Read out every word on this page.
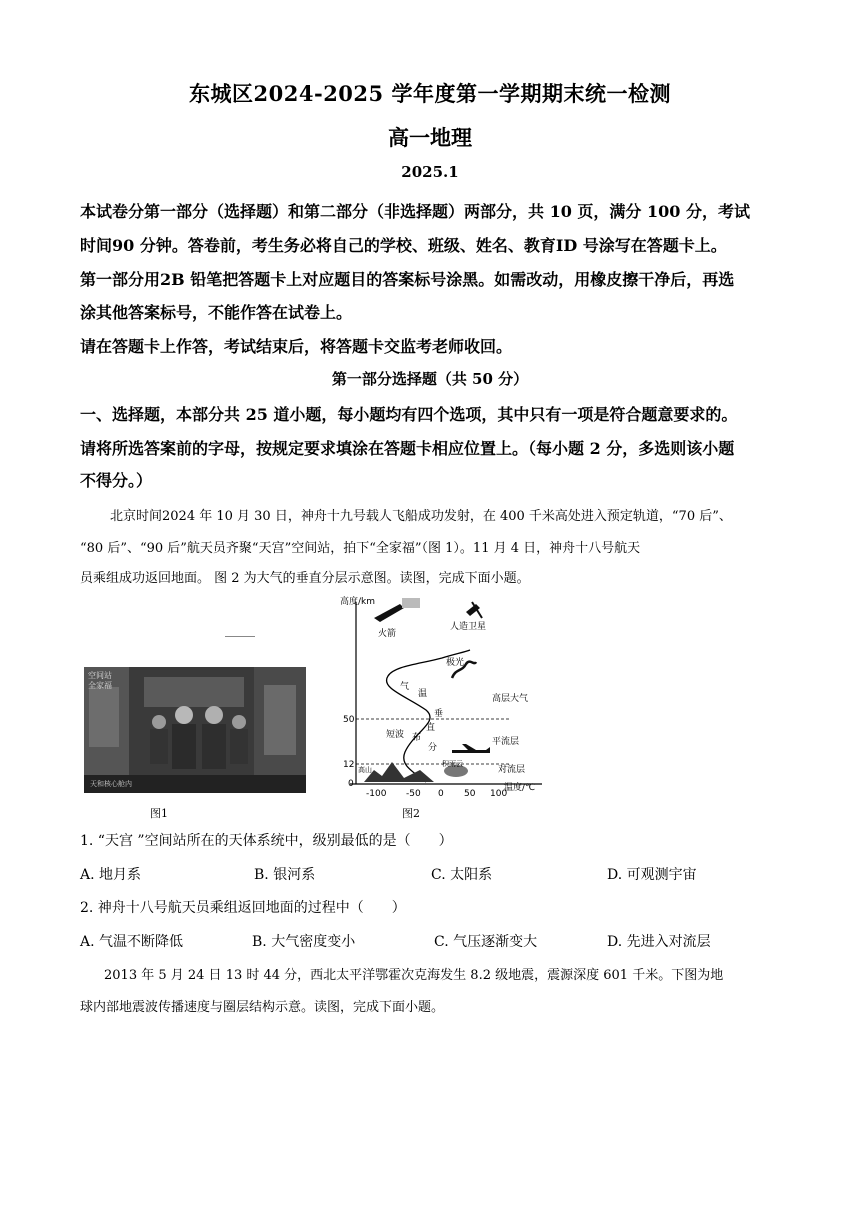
东城区2024-2025 学年度第一学期期末统一检测
高一地理
2025.1
本试卷分第一部分（选择题）和第二部分（非选择题）两部分，共 10 页，满分 100 分，考试
时间90 分钟。答卷前，考生务必将自己的学校、班级、姓名、教育ID 号涂写在答题卡上。
第一部分用2B 铅笔把答题卡上对应题目的答案标号涂黑。如需改动，用橡皮擦干净后，再选
涂其他答案标号，不能作答在试卷上。
请在答题卡上作答，考试结束后，将答题卡交监考老师收回。
第一部分选择题（共 50 分）
一、选择题，本部分共 25 道小题，每小题均有四个选项，其中只有一项是符合题意要求的。
请将所选答案前的字母，按规定要求填涂在答题卡相应位置上。（每小题 2 分，多选则该小题
不得分。）
北京时间2024 年 10 月 30 日，神舟十九号载人飞船成功发射，在 400 千米高处进入预定轨道，“70 后”、
“80 后”、“90 后”航天员齐聚“天宫”空间站，拍下“全家福”（图 1）。11 月 4 日，神舟十八号航天
员乘组成功返回地面。 图 2 为大气的垂直分层示意图。读图，完成下面小题。
空间站
全家福
天和核心舱内
图1
高度/km
温度/℃
50
12
0
-100 -50 0 50 100
高山
积雨云
气
温
垂
直
分
布
短波
火箭
人造卫星
极光
高层大气
平流层
对流层
图2
1. “天宫 ”空间站所在的天体系统中，级别最低的是（　　）
A. 地月系	B. 银河系	C. 太阳系	D. 可观测宇宙
2. 神舟十八号航天员乘组返回地面的过程中（　　）
A. 气温不断降低	B. 大气密度变小	C. 气压逐渐变大	D. 先进入对流层
2013 年 5 月 24 日 13 时 44 分，西北太平洋鄂霍次克海发生 8.2 级地震，震源深度 601 千米。下图为地
球内部地震波传播速度与圈层结构示意。读图，完成下面小题。
